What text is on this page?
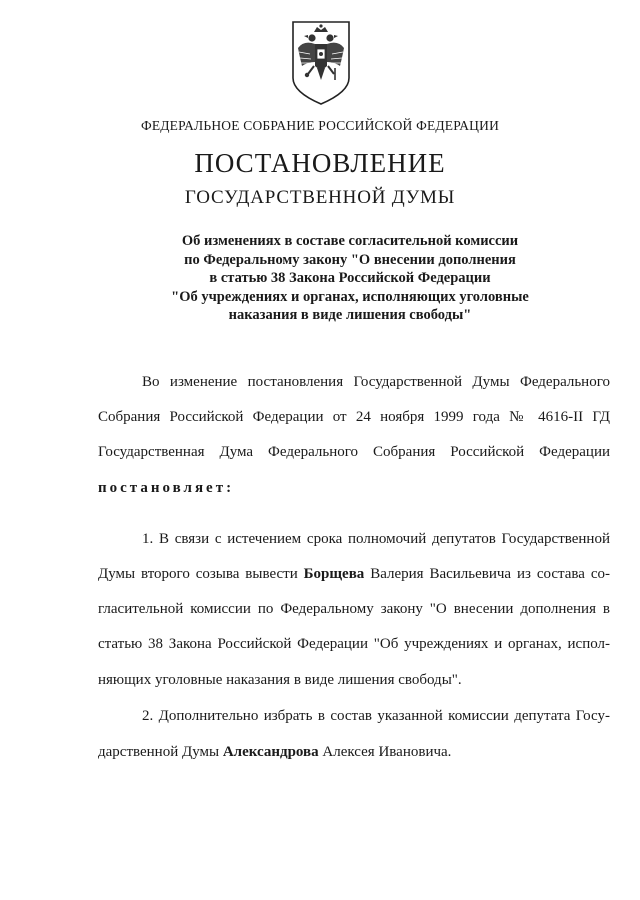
ФЕДЕРАЛЬНОЕ СОБРАНИЕ РОССИЙСКОЙ ФЕДЕРАЦИИ
ПОСТАНОВЛЕНИЕ
ГОСУДАРСТВЕННОЙ ДУМЫ
Об изменениях в составе согласительной комиссии
по Федеральному закону "О внесении дополнения
в статью 38 Закона Российской Федерации
"Об учреждениях и органах, исполняющих уголовные
наказания в виде лишения свободы"
Во изменение постановления Государственной Думы Федерального
Собрания Российской Федерации от 24 ноября 1999 года № 4616-II ГД
Государственная Дума Федерального Собрания Российской Федерации
постановляет:
1. В связи с истечением срока полномочий депутатов Государственной
Думы второго созыва вывести Борщева Валерия Васильевича из состава со-
гласительной комиссии по Федеральному закону "О внесении дополнения в
статью 38 Закона Российской Федерации "Об учреждениях и органах, испол-
няющих уголовные наказания в виде лишения свободы".
2. Дополнительно избрать в состав указанной комиссии депутата Госу-
дарственной Думы Александрова Алексея Ивановича.
